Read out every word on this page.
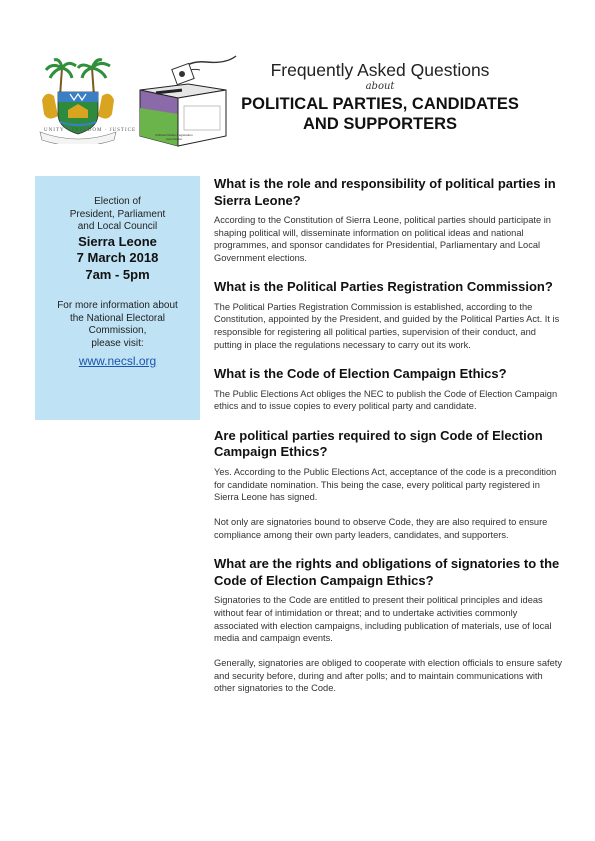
UNITY · FREEDOM · JUSTICE
Political Parties Registration Commission
Frequently Asked Questions
about
POLITICAL PARTIES, CANDIDATES
AND SUPPORTERS
Election of
President, Parliament
and Local Council
Sierra Leone
7 March 2018
7am - 5pm
For more information about
the National Electoral
Commission,
please visit:
www.necsl.org
What is the role and responsibility of political parties in Sierra Leone?

According to the Constitution of Sierra Leone, political parties should participate in shaping political will, disseminate information on political ideas and national programmes, and sponsor candidates for Presidential, Parliamentary and Local Government elections.

What is the Political Parties Registration Commission?

The Political Parties Registration Commission is established, according to the Constitution, appointed by the President, and guided by the Political Parties Act. It is responsible for registering all political parties, supervision of their conduct, and putting in place the regulations necessary to carry out its work.

What is the Code of Election Campaign Ethics?

The Public Elections Act obliges the NEC to publish the Code of Election Campaign ethics and to issue copies to every political party and candidate.

Are political parties required to sign Code of Election Campaign Ethics?

Yes. According to the Public Elections Act, acceptance of the code is a precondition for candidate nomination. This being the case, every political party registered in Sierra Leone has signed.

Not only are signatories bound to observe Code, they are also required to ensure compliance among their own party leaders, candidates, and supporters.

What are the rights and obligations of signatories to the Code of Election Campaign Ethics?

Signatories to the Code are entitled to present their political principles and ideas without fear of intimidation or threat; and to undertake activities commonly associated with election campaigns, including publication of materials, use of local media and campaign events.

Generally, signatories are obliged to cooperate with election officials to ensure safety and security before, during and after polls; and to maintain communications with other signatories to the Code.
